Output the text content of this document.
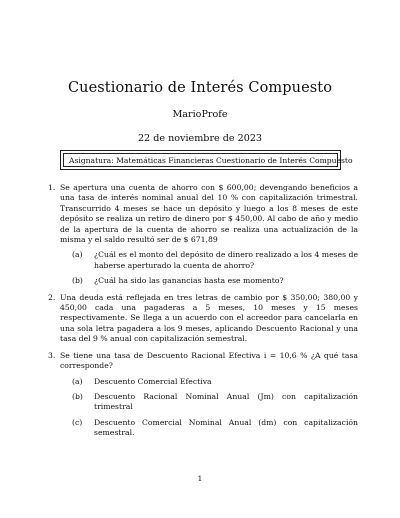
Cuestionario de Interés Compuesto
MarioProfe
22 de noviembre de 2023
Asignatura: Matemáticas Financieras Cuestionario de Interés Compuesto
1. Se apertura una cuenta de ahorro con $ 600,00; devengando beneficios a una tasa de interés nominal anual del 10 % con capitalización trimestral. Transcurrido 4 meses se hace un depósito y luego a los 8 meses de este depósito se realiza un retiro de dinero por $ 450,00. Al cabo de año y medio de la apertura de la cuenta de ahorro se realiza una actualización de la misma y el saldo resultó ser de $ 671,89
(a) ¿Cuál es el monto del depósito de dinero realizado a los 4 meses de haberse aperturado la cuenta de ahorro?
(b) ¿Cuál ha sido las ganancias hasta ese momento?
2. Una deuda está reflejada en tres letras de cambio por $ 350,00; 380,00 y 450,00 cada una pagaderas a 5 meses, 10 meses y 15 meses respectivamente. Se llega a un acuerdo con el acreedor para cancelarla en una sola letra pagadera a los 9 meses, aplicando Descuento Racional y una tasa del 9 % anual con capitalización semestral.
3. Se tiene una tasa de Descuento Racional Efectiva i = 10,6 % ¿A qué tasa corresponde?
(a) Descuento Comercial Efectiva
(b) Descuento Racional Nominal Anual (Jm) con capitalización trimestral
(c) Descuento Comercial Nominal Anual (dm) con capitalización semestral.
1
